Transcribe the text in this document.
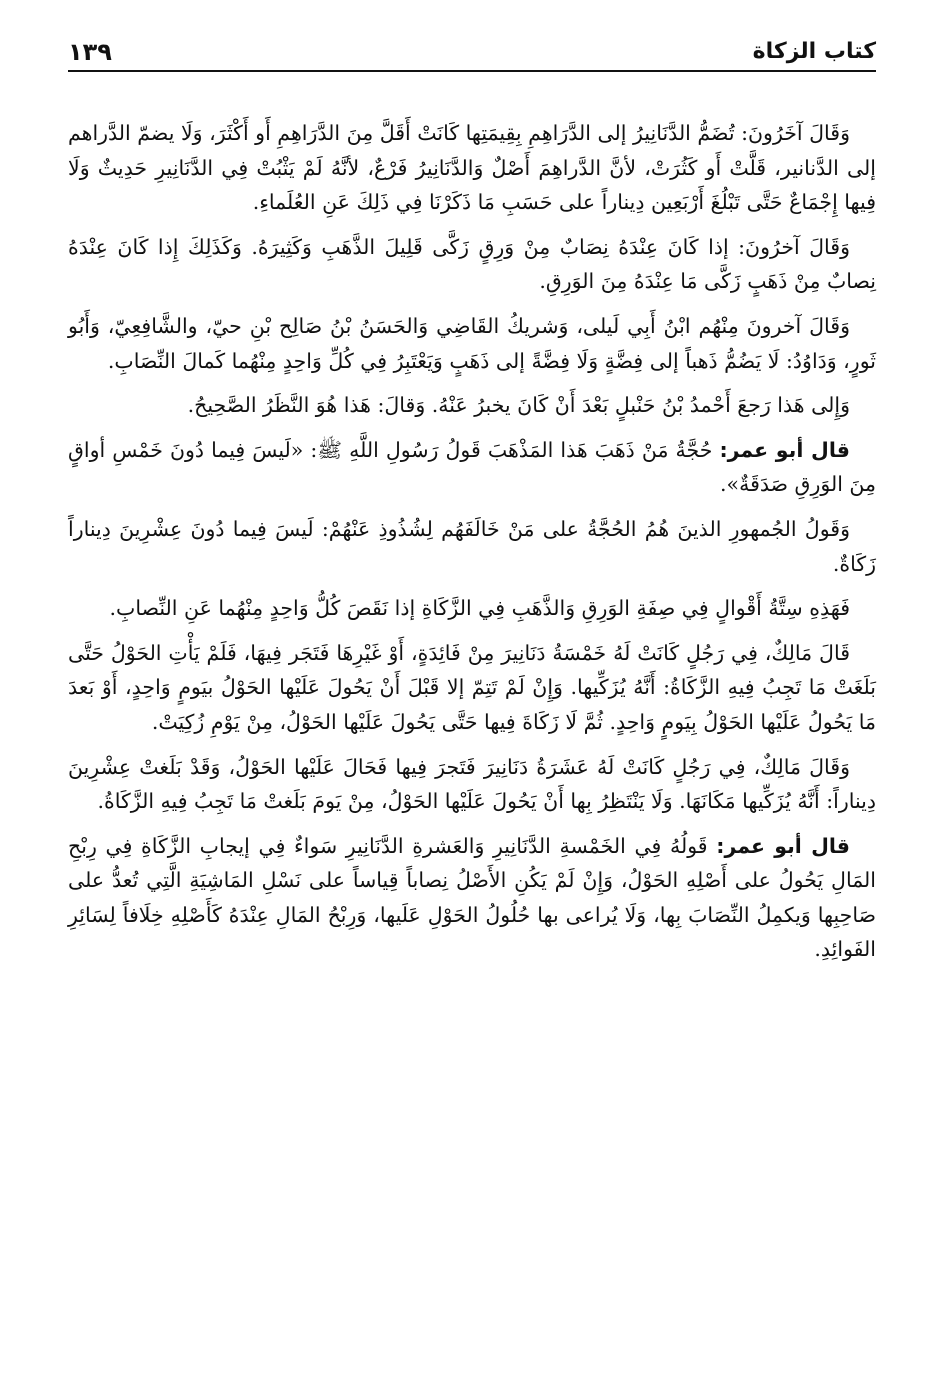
كتاب الزكاة
١٣٩

وَقَالَ آخَرُونَ: تُضَمُّ الدَّنَانِيرُ إلى الدَّرَاهِمِ بِقِيمَتِها كَانَتْ أَقَلَّ مِنَ الدَّرَاهِمِ أَو أَكْثَرَ، وَلَا يضمّ الدَّراهم إلى الدَّنانير، قَلَّتْ أَو كَثُرَتْ، لأنَّ الدَّراهِمَ أَصْلٌ وَالدَّنَانِيرُ فَرْعٌ، لأنَّهُ لَمْ يَثْبُتْ فِي الدَّنَانِيرِ حَدِيثٌ وَلَا فِيها إِجْمَاعٌ حَتَّى تَبْلُغَ أَرْبَعِين دِيناراً على حَسَبِ مَا ذَكَرْنَا فِي ذَلِكَ عَنِ العُلَماءِ.

وَقَالَ آخرُونَ: إذا كَانَ عِنْدَهُ نِصَابٌ مِنْ وَرِقٍ زَكَّى قَلِيلَ الذَّهَبِ وَكَثِيرَهُ. وَكَذَلِكَ إِذا كَانَ عِنْدَهُ نِصابٌ مِنْ ذَهَبٍ زَكَّى مَا عِنْدَهُ مِنَ الوَرِقِ.

وَقَالَ آخرونَ مِنْهُم ابْنُ أَبِي لَيلى، وَشريكُ القَاضِي وَالحَسَنُ بْنُ صَالِح بْنِ حيّ، والشَّافِعِيّ، وَأَبُو ثَورٍ، وَدَاوُدُ: لَا يَضُمُّ ذَهباً إلى فِضَّةٍ وَلَا فِضَّةً إلى ذَهَبٍ وَيَعْتَبِرُ فِي كُلِّ وَاحِدٍ مِنْهُما كَمالَ النِّصَابِ.

وَإِلى هَذا رَجعَ أَحْمدُ بْنُ حَنْبلٍ بَعْدَ أَنْ كَانَ يخبرُ عَنْهُ. وَقالَ: هَذا هُوَ النَّظَرُ الصَّحِيحُ.

قال أبو عمر: حُجَّةُ مَنْ ذَهَبَ هَذا المَذْهَبَ قَولُ رَسُولِ اللَّهِ ﷺ: «لَيسَ فِيما دُونَ خَمْسِ أواقٍ مِنَ الوَرِقِ صَدَقَةٌ».

وَقَولُ الجُمهورِ الذينَ هُمُ الحُجَّةُ على مَنْ خَالَفَهُم لِشُذُوذِ عَنْهُمْ: لَيسَ فِيما دُونَ عِشْرِينَ دِيناراً زَكَاةٌ.

فَهَذِهِ سِتَّةُ أَقْوالٍ فِي صِفَةِ الوَرِقِ وَالذَّهَبِ فِي الزَّكَاةِ إذا نَقَصَ كُلُّ وَاحِدٍ مِنْهُما عَنِ النِّصابِ.

قَالَ مَالِكٌ، فِي رَجُلٍ كَانَتْ لَهُ خَمْسَةُ دَنَانِيرَ مِنْ فَائِدَةٍ، أَوْ غَيْرِهَا فَتَجَر فِيهَا، فَلَمْ يَأْتِ الحَوْلُ حَتَّى بَلَغَتْ مَا تَجِبُ فِيهِ الزَّكَاةُ: أَنَّهُ يُزَكِّيها. وَإِنْ لَمْ تَتِمّ إلا قَبْلَ أَنْ يَحُولَ عَلَيْها الحَوْلُ بيَومٍ وَاحِدٍ، أَوْ بَعدَ مَا يَحُولُ عَلَيْها الحَوْلُ بِيَومٍ وَاحِدٍ. ثُمَّ لَا زَكَاةَ فِيها حَتَّى يَحُولَ عَلَيْها الحَوْلُ، مِنْ يَوْمِ زُكِيَتْ.

وَقَالَ مَالِكٌ، فِي رَجُلٍ كَانَتْ لَهُ عَشَرَةُ دَنَانِيرَ فَتَجرَ فِيها فَحَالَ عَلَيْها الحَوْلُ، وَقَدْ بَلَغتْ عِشْرِينَ دِيناراً: أَنَّهُ يُزَكِّيها مَكَانَهَا. وَلَا يَنْتَظِرُ بِها أَنْ يَحُولَ عَلَيْها الحَوْلُ، مِنْ يَومَ بَلَغتْ مَا تَجِبُ فِيهِ الزَّكَاةُ.

قال أبو عمر: قَولُهُ فِي الخَمْسةِ الدَّنَانِيرِ وَالعَشرةِ الدَّنَانِيرِ سَواءٌ فِي إيجابِ الزَّكَاةِ فِي رِبْحِ المَالِ يَحُولُ على أَصْلِهِ الحَوْلُ، وَإِنْ لَمْ يَكُنِ الأَصْلُ نِصاباً قِياساً على نَسْلِ المَاشِيَةِ الَّتِي تُعدُّ على صَاحِبِها وَيكمِلُ النِّصَابَ بِها، وَلَا يُراعى بها حُلُولُ الحَوْلِ عَلَيها، وَرِبْحُ المَالِ عِنْدَهُ كَأَصْلِهِ خِلَافاً لِسَائِرِ الفَوائِدِ.
